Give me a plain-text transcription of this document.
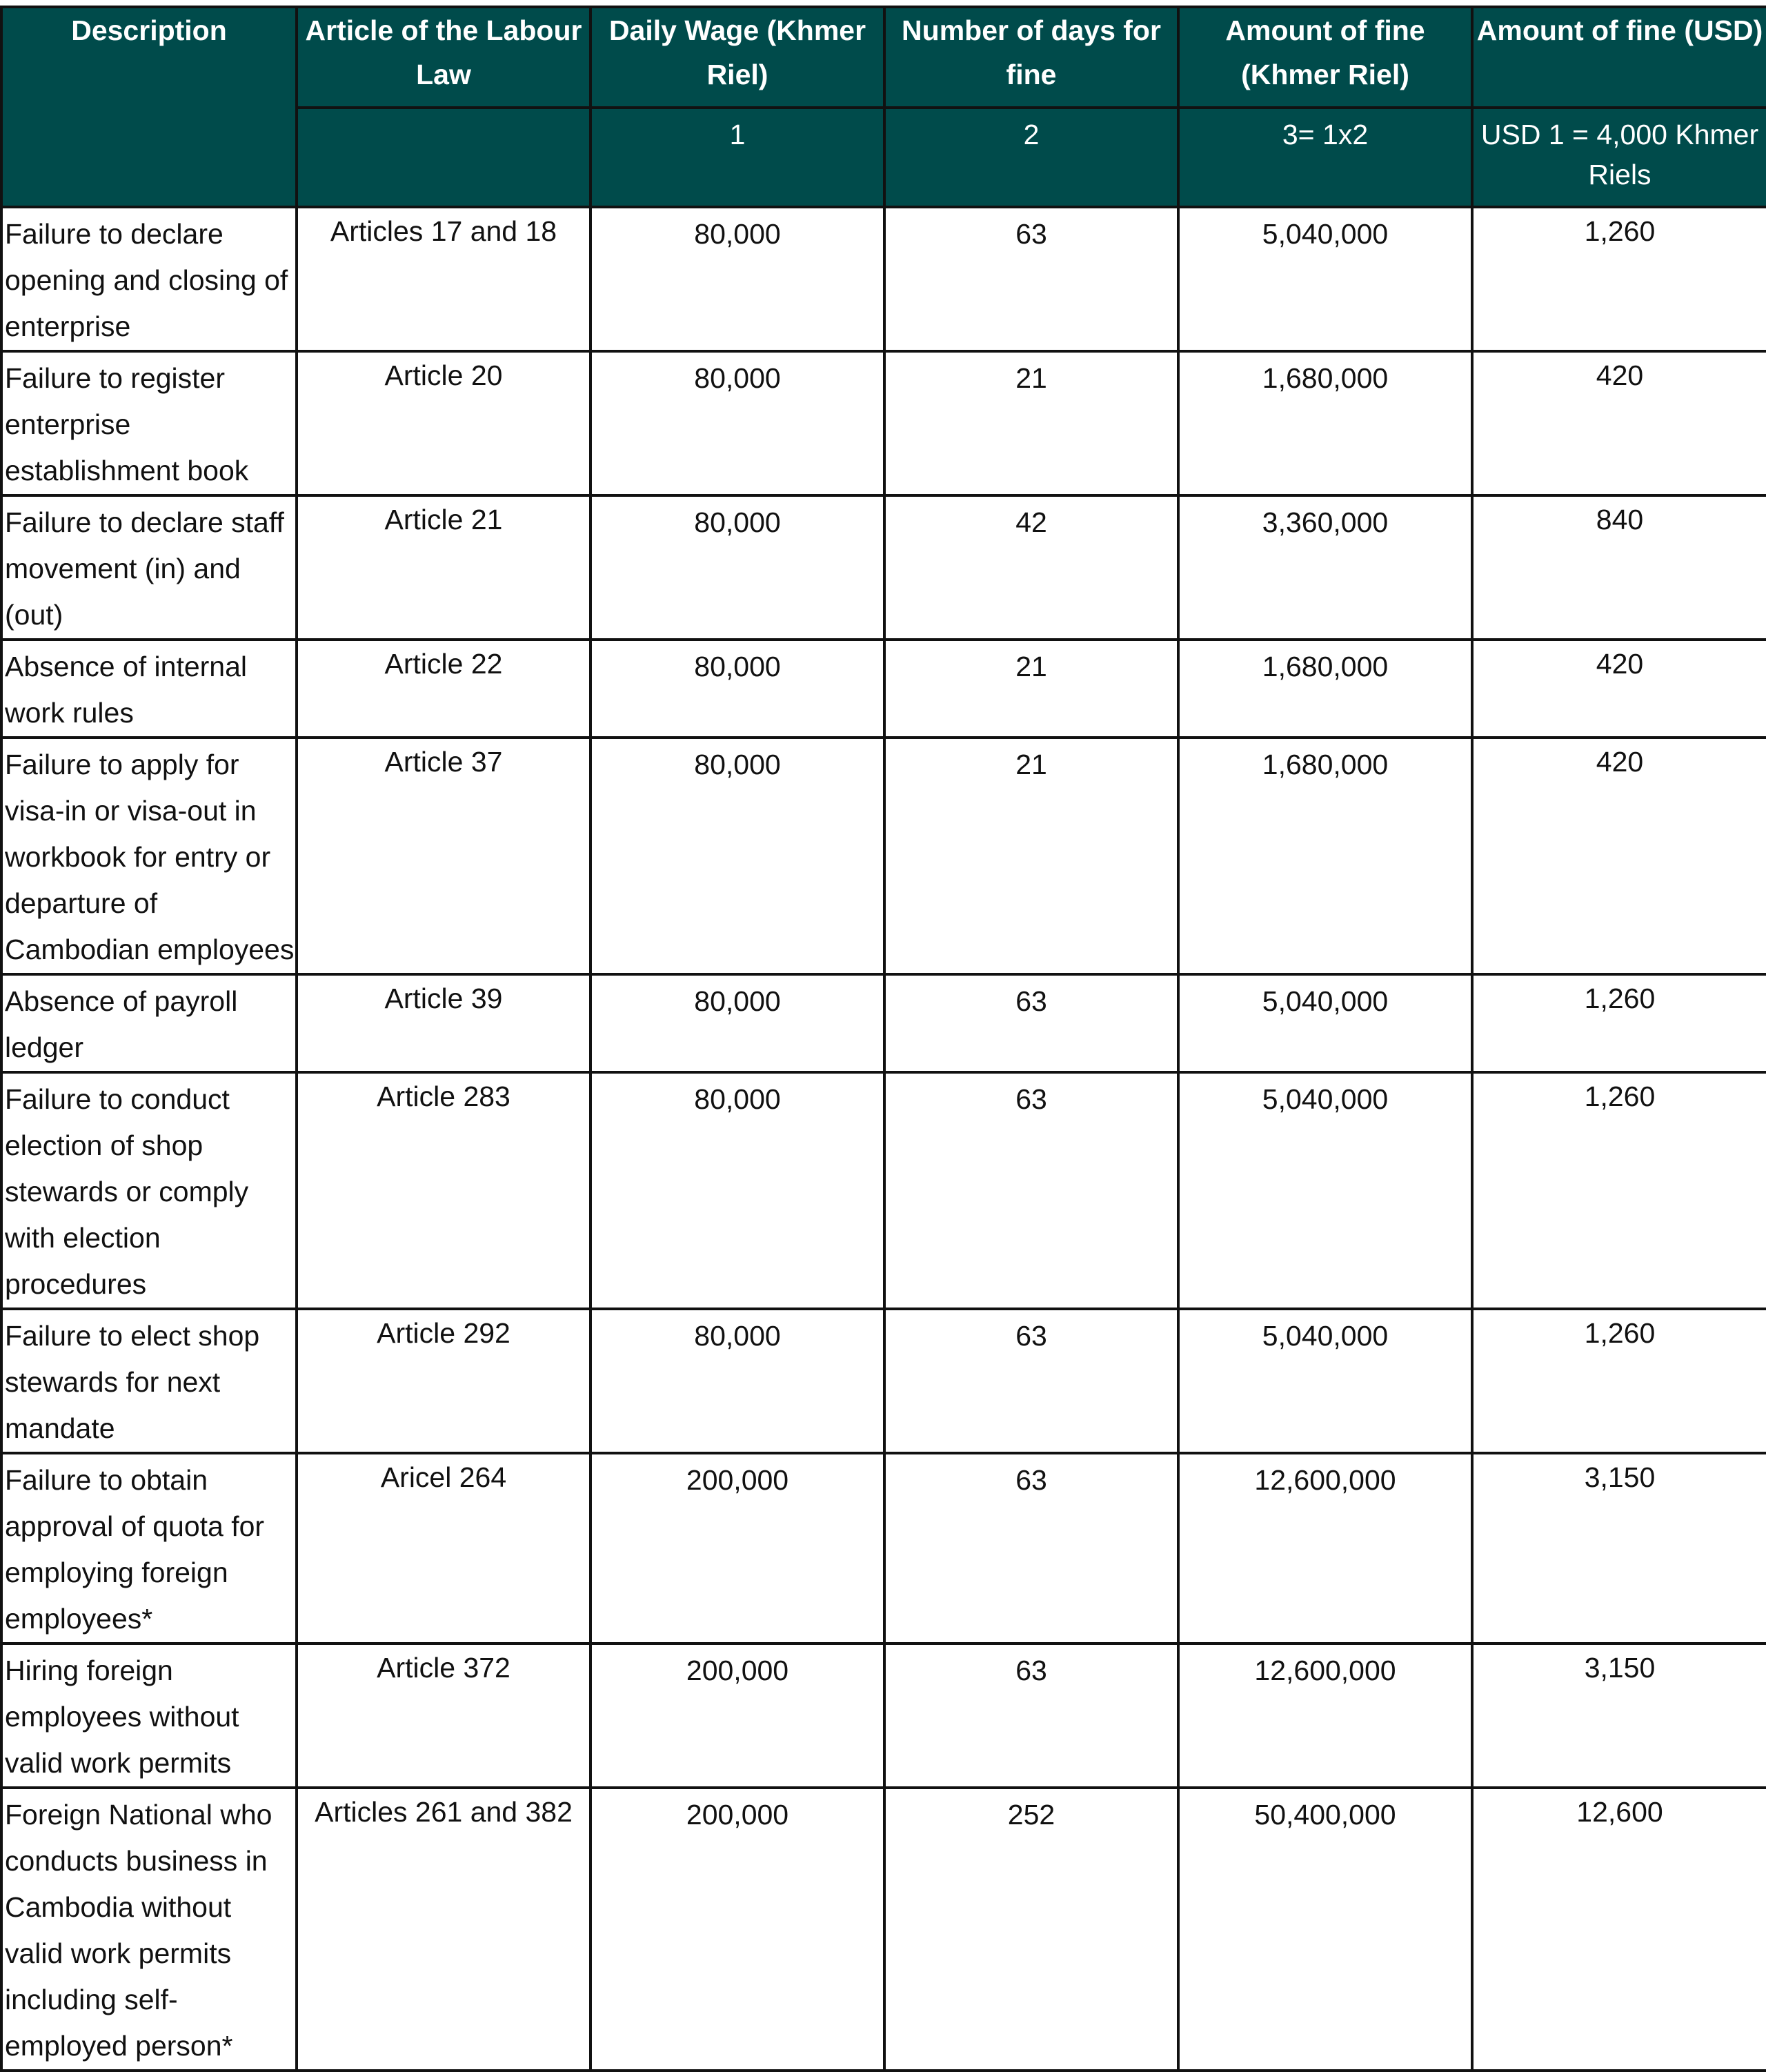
Description	Article of the Labour Law	Daily Wage (Khmer Riel)	Number of days for fine	Amount of fine (Khmer Riel)	Amount of fine (USD)
		1	2	3= 1x2	USD 1 = 4,000 Khmer Riels

Failure to declare opening and closing of enterprise	Articles 17 and 18	80,000	63	5,040,000	1,260

Failure to register enterprise establishment book	Article 20	80,000	21	1,680,000	420

Failure to declare staff movement (in) and (out)	Article 21	80,000	42	3,360,000	840

Absence of internal work rules	Article 22	80,000	21	1,680,000	420

Failure to apply for visa-in or visa-out in workbook for entry or departure of Cambodian employees	Article 37	80,000	21	1,680,000	420

Absence of payroll ledger	Article 39	80,000	63	5,040,000	1,260

Failure to conduct election of shop stewards or comply with election procedures	Article 283	80,000	63	5,040,000	1,260

Failure to elect shop stewards for next mandate	Article 292	80,000	63	5,040,000	1,260

Failure to obtain approval of quota for employing foreign employees*	Aricel 264	200,000	63	12,600,000	3,150

Hiring foreign employees without valid work permits	Article 372	200,000	63	12,600,000	3,150

Foreign National who conducts business in Cambodia without valid work permits including self-employed person*	Articles 261 and 382	200,000	252	50,400,000	12,600
